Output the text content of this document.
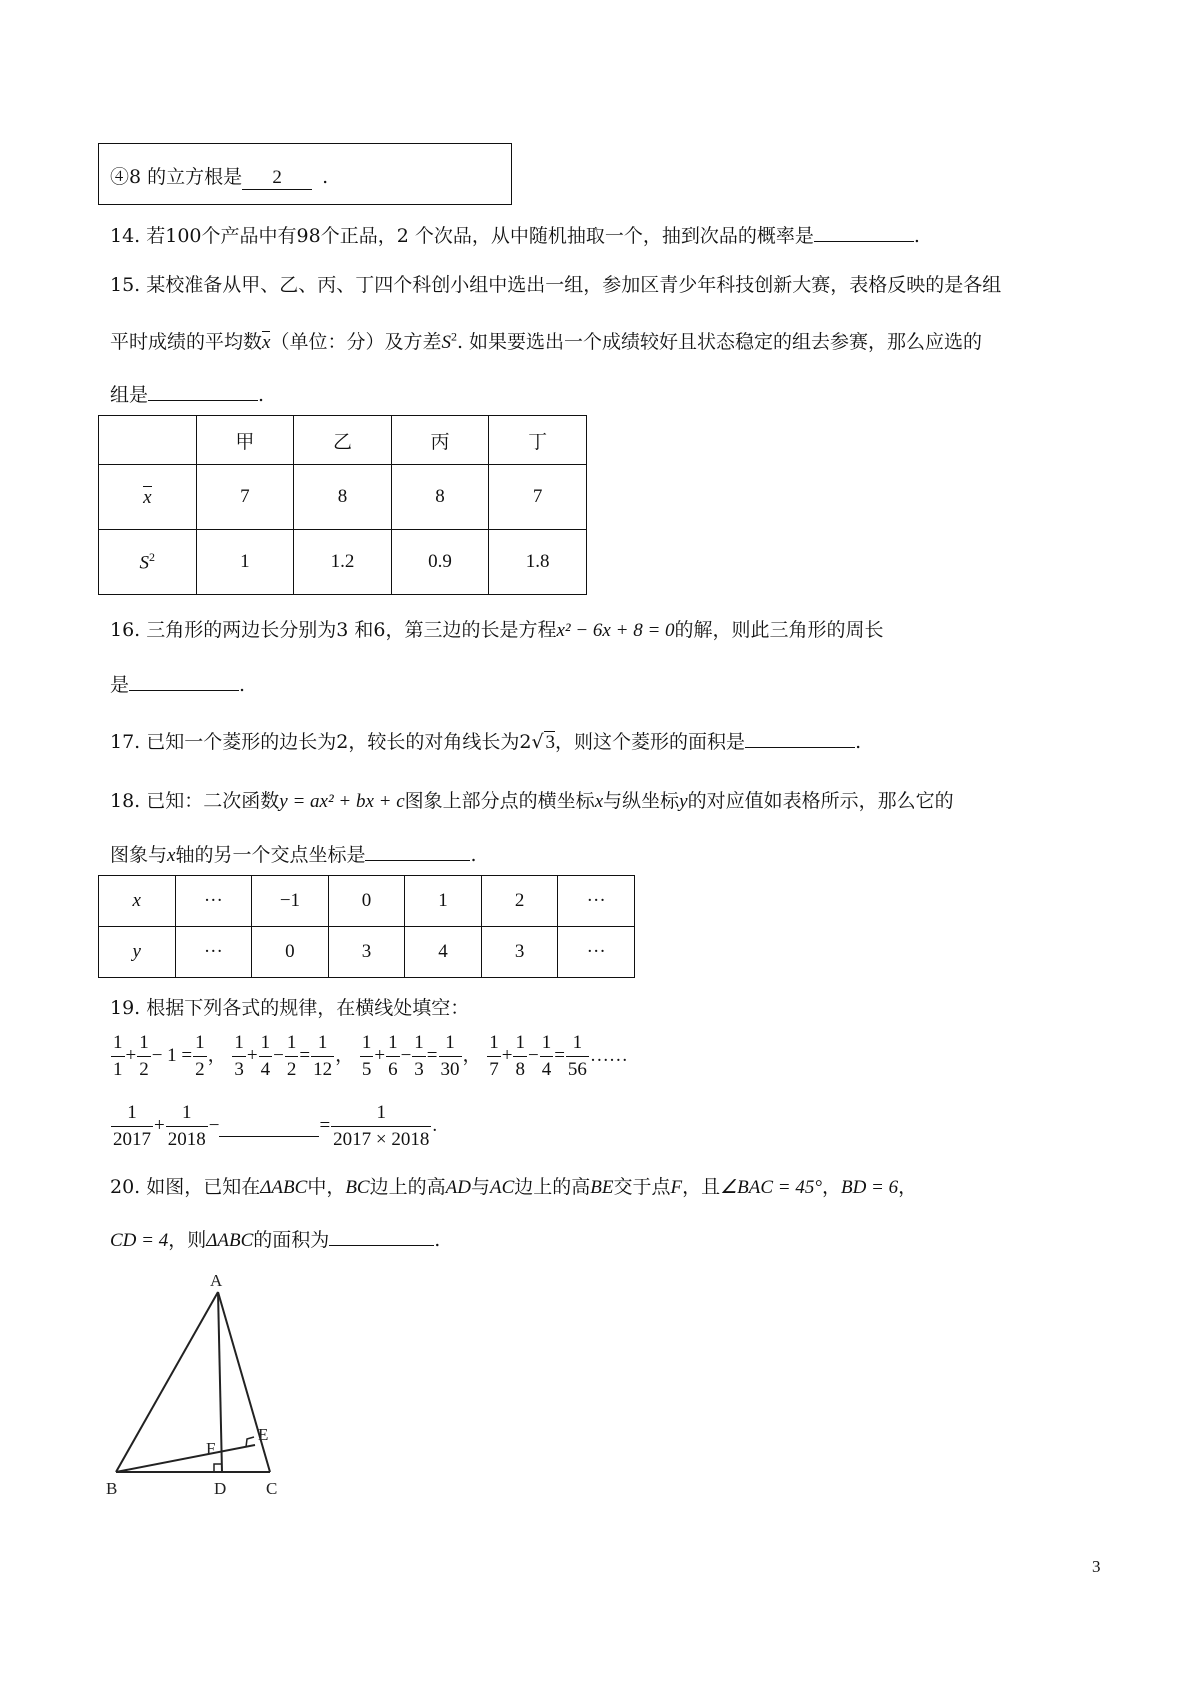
④8 的立方根是 2 .
14. 若100个产品中有98个正品，2 个次品，从中随机抽取一个，抽到次品的概率是	.
15. 某校准备从甲、乙、丙、丁四个科创小组中选出一组，参加区青少年科技创新大赛，表格反映的是各组
平时成绩的平均数x（单位：分）及方差$S^2$. 如果要选出一个成绩较好且状态稳定的组去参赛，那么应选的
组是	.
	甲	乙	丙	丁
x	7	8	8	7
$S^2$	1	1.2	0.9	1.8
16. 三角形的两边长分别为3 和6，第三边的长是方程x² − 6x + 8 = 0的解，则此三角形的周长
是	.
17. 已知一个菱形的边长为2，较长的对角线长为2√ 3，则这个菱形的面积是	.
18. 已知：二次函数y = ax² + bx + c图象上部分点的横坐标x与纵坐标y的对应值如表格所示，那么它的
图象与x轴的另一个交点坐标是	.
x	···	−1	0	1	2	···
y	···	0	3	4	3	···
19. 根据下列各式的规律，在横线处填空：
$\frac{1}{1} + \frac{1}{2} - 1 = \frac{1}{2}$ ， $\frac{1}{3} + \frac{1}{4} - \frac{1}{2} = \frac{1}{12}$ ， $\frac{1}{5} + \frac{1}{6} - \frac{1}{3} = \frac{1}{30}$ ， $\frac{1}{7} + \frac{1}{8} - \frac{1}{4} = \frac{1}{56}$ ……
$\frac{1}{2017} + \frac{1}{2018}$ −	= $\frac{1}{2017 \times 2018}$ .
20. 如图，已知在ΔABC中，BC边上的高AD与AC边上的高BE交于点F，且∠BAC = 45°，BD = 6，
CD = 4，则ΔABC的面积为	.
A
B	C
D
E
F
3
